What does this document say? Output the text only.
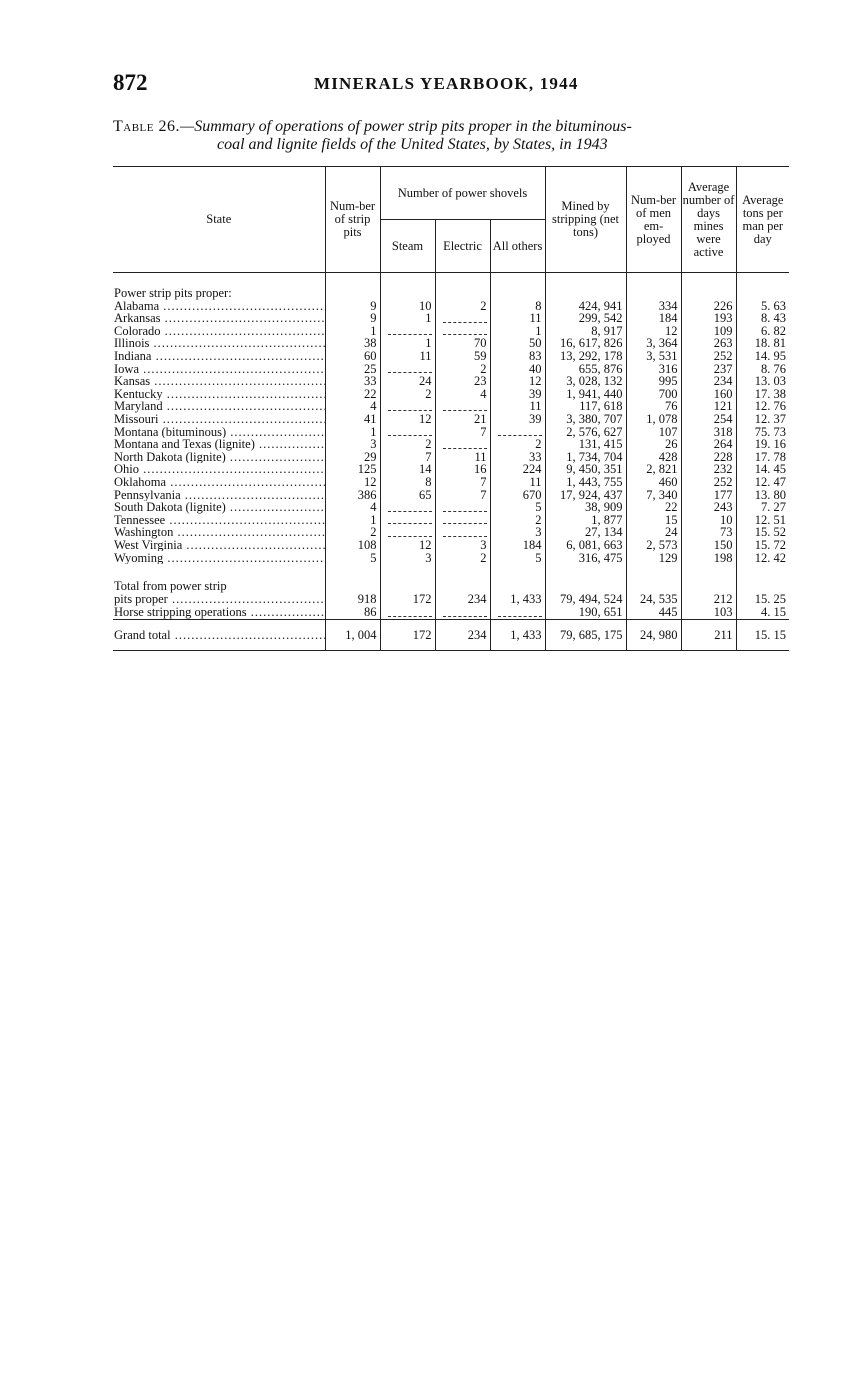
872	MINERALS YEARBOOK, 1944
Table 26.—Summary of operations of power strip pits proper in the bituminous-
coal and lignite fields of the United States, by States, in 1943
State	Num-ber of strip pits	Number of power shovels			Mined by stripping (net tons)	Num-ber of men em-ployed	Average number of days mines were active	Average tons per man per day
		Steam	Electric	All others				

Power strip pits proper:								
Alabama .....	9	10	2	8	424, 941	334	226	5. 63
Arkansas .....	9	1		11	299, 542	184	193	8. 43
Colorado .....	1			1	8, 917	12	109	6. 82
Illinois .....	38	1	70	50	16, 617, 826	3, 364	263	18. 81
Indiana .....	60	11	59	83	13, 292, 178	3, 531	252	14. 95
Iowa .....	25		2	40	655, 876	316	237	8. 76
Kansas .....	33	24	23	12	3, 028, 132	995	234	13. 03
Kentucky .....	22	2	4	39	1, 941, 440	700	160	17. 38
Maryland .....	4			11	117, 618	76	121	12. 76
Missouri .....	41	12	21	39	3, 380, 707	1, 078	254	12. 37
Montana (bituminous) .....	1		7		2, 576, 627	107	318	75. 73
Montana and Texas (lignite) .....	3	2		2	131, 415	26	264	19. 16
North Dakota (lignite) .....	29	7	11	33	1, 734, 704	428	228	17. 78
Ohio .....	125	14	16	224	9, 450, 351	2, 821	232	14. 45
Oklahoma .....	12	8	7	11	1, 443, 755	460	252	12. 47
Pennsylvania .....	386	65	7	670	17, 924, 437	7, 340	177	13. 80
South Dakota (lignite) .....	4			5	38, 909	22	243	7. 27
Tennessee .....	1			2	1, 877	15	10	12. 51
Washington .....	2			3	27, 134	24	73	15. 52
West Virginia .....	108	12	3	184	6, 081, 663	2, 573	150	15. 72
Wyoming .....	5	3	2	5	316, 475	129	198	12. 42

Total from power strip								
pits proper .....	918	172	234	1, 433	79, 494, 524	24, 535	212	15. 25
Horse stripping operations .....	86				190, 651	445	103	4. 15
Grand total .....	1, 004	172	234	1, 433	79, 685, 175	24, 980	211	15. 15
